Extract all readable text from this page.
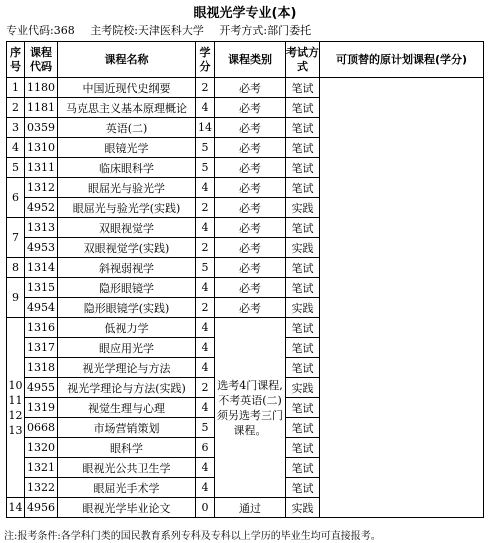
眼视光学专业(本)
专业代码:368 主考院校:天津医科大学 开考方式:部门委托
序号	课程代码	课程名称	学分	课程类别	考试方式	可顶替的原计划课程(学分)
1	1180	中国近现代史纲要	2	必考	笔试	
2	1181	马克思主义基本原理概论	4	必考	笔试	
3	0359	英语(二)	14	必考	笔试	
4	1310	眼镜光学	5	必考	笔试	
5	1311	临床眼科学	5	必考	笔试	
6	1312	眼屈光与验光学	4	必考	笔试	
	4952	眼屈光与验光学(实践)	2	必考	实践	
7	1313	双眼视觉学	4	必考	笔试	
	4953	双眼视觉学(实践)	2	必考	实践	
8	1314	斜视弱视学	5	必考	笔试	
9	1315	隐形眼镜学	4	必考	笔试	
	4954	隐形眼镜学(实践)	2	必考	实践	
10 11 12 13	1316	低视力学	4	选考4门课程,不考英语(二)须另选考三门课程。	笔试	
	1317	眼应用光学	4		笔试	
	1318	视光学理论与方法	4		笔试	
	4955	视光学理论与方法(实践)	2		实践	
	1319	视觉生理与心理	4		笔试	
	0668	市场营销策划	5		笔试	
	1320	眼科学	6		笔试	
	1321	眼视光公共卫生学	4		笔试	
	1322	眼屈光手术学	4		笔试	
14	4956	眼视光学毕业论文	0	通过	实践	
注:报考条件:各学科门类的国民教育系列专科及专科以上学历的毕业生均可直接报考。
